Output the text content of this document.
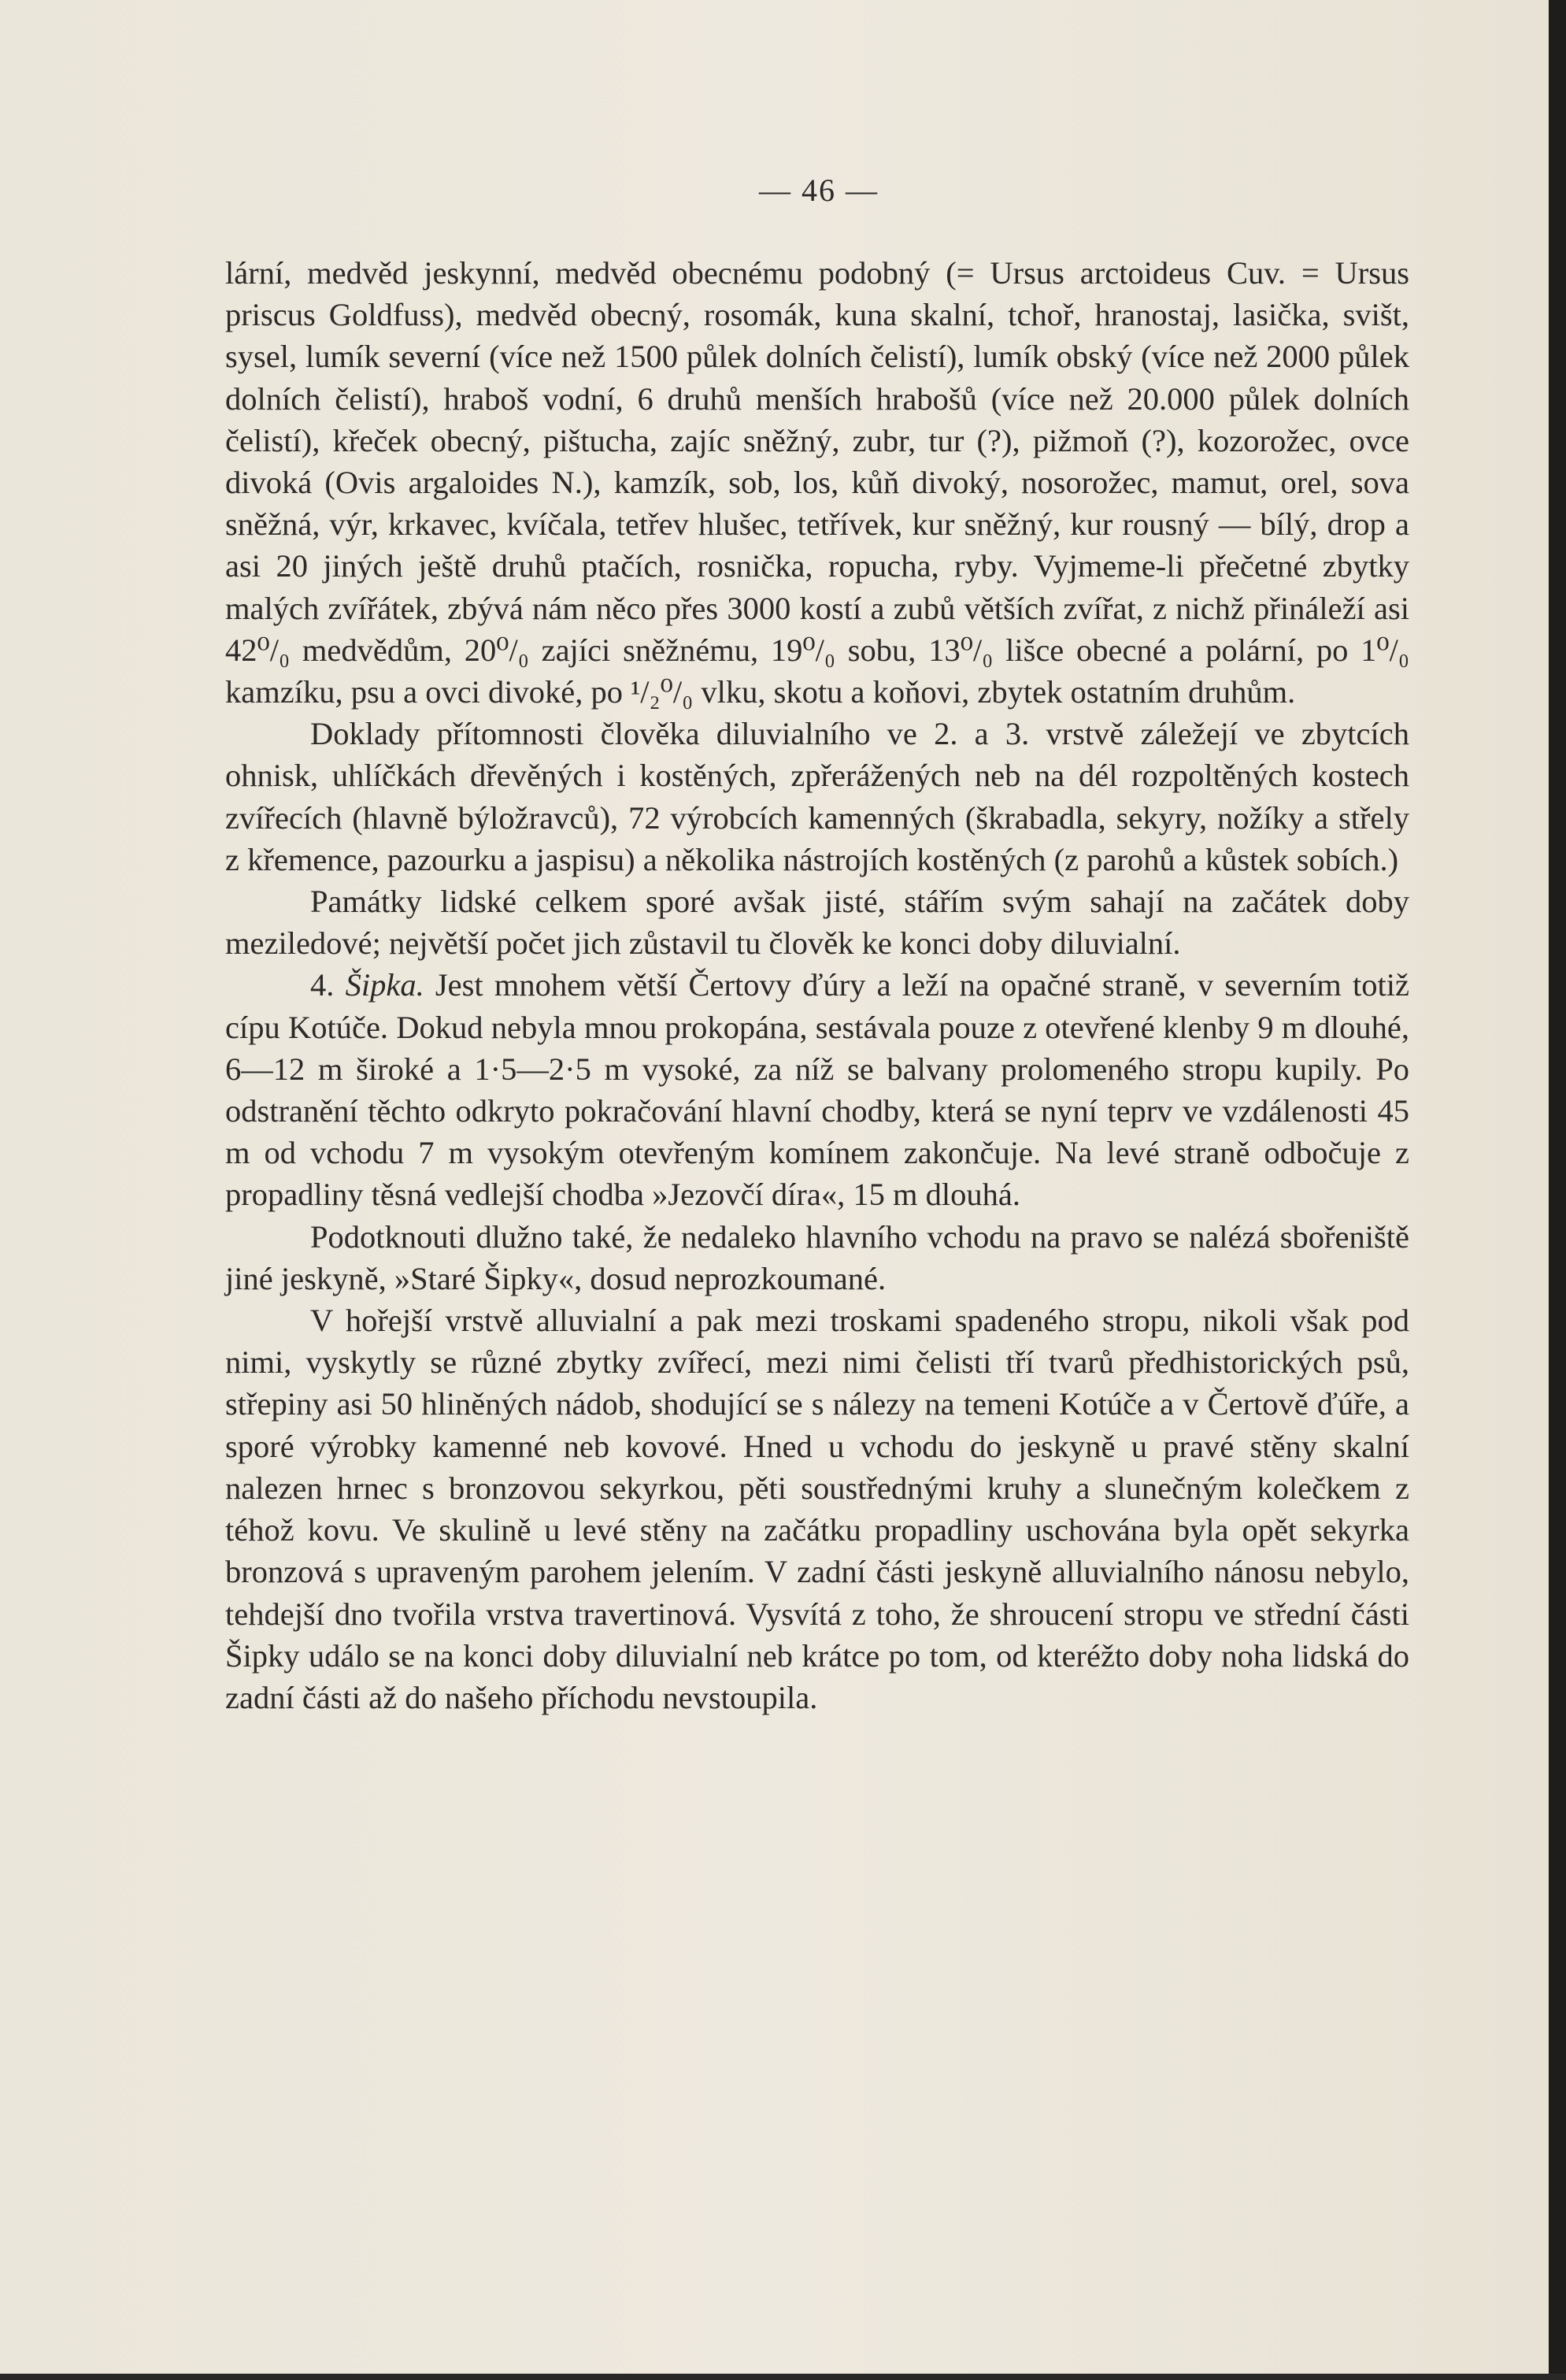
— 46 —

lární, medvěd jeskynní, medvěd obecnému podobný (= Ursus arctoideus Cuv. = Ursus priscus Goldfuss), medvěd obecný, rosomák, kuna skalní, tchoř, hranostaj, lasička, svišt, sysel, lumík severní (více než 1500 půlek dolních čelistí), lumík obský (více než 2000 půlek dolních čelistí), hraboš vodní, 6 druhů menších hrabošů (více než 20.000 půlek dolních čelistí), křeček obecný, pištucha, zajíc sněžný, zubr, tur (?), pižmoň (?), kozorožec, ovce divoká (Ovis argaloides N.), kamzík, sob, los, kůň divoký, nosorožec, mamut, orel, sova sněžná, výr, krkavec, kvíčala, tetřev hlušec, tetřívek, kur sněžný, kur rousný — bílý, drop a asi 20 jiných ještě druhů ptačích, rosnička, ropucha, ryby. Vyjmeme-li přečetné zbytky malých zvířátek, zbývá nám něco přes 3000 kostí a zubů větších zvířat, z nichž přináleží asi 42⁰/₀ medvědům, 20⁰/₀ zajíci sněžnému, 19⁰/₀ sobu, 13⁰/₀ lišce obecné a polární, po 1⁰/₀ kamzíku, psu a ovci divoké, po ¹/₂⁰/₀ vlku, skotu a koňovi, zbytek ostatním druhům.

Doklady přítomnosti člověka diluvialního ve 2. a 3. vrstvě záležejí ve zbytcích ohnisk, uhlíčkách dřevěných i kostěných, zpřerážených neb na dél rozpoltěných kostech zvířecích (hlavně býložravců), 72 výrobcích kamenných (škrabadla, sekyry, nožíky a střely z křemence, pazourku a jaspisu) a několika nástrojích kostěných (z parohů a kůstek sobích.)

Památky lidské celkem sporé avšak jisté, stářím svým sahají na začátek doby meziledové; největší počet jich zůstavil tu člověk ke konci doby diluvialní.

4. Šipka. Jest mnohem větší Čertovy ďúry a leží na opačné straně, v severním totiž cípu Kotúče. Dokud nebyla mnou prokopána, sestávala pouze z otevřené klenby 9 m dlouhé, 6—12 m široké a 1·5—2·5 m vysoké, za níž se balvany prolomeného stropu kupily. Po odstranění těchto odkryto pokračování hlavní chodby, která se nyní teprv ve vzdálenosti 45 m od vchodu 7 m vysokým otevřeným komínem zakončuje. Na levé straně odbočuje z propadliny těsná vedlejší chodba »Jezovčí díra«, 15 m dlouhá.

Podotknouti dlužno také, že nedaleko hlavního vchodu na pravo se nalézá sbořeniště jiné jeskyně, »Staré Šipky«, dosud neprozkoumané.

V hořejší vrstvě alluvialní a pak mezi troskami spadeného stropu, nikoli však pod nimi, vyskytly se různé zbytky zvířecí, mezi nimi čelisti tří tvarů předhistorických psů, střepiny asi 50 hliněných nádob, shodující se s nálezy na temeni Kotúče a v Čertově ďúře, a sporé výrobky kamenné neb kovové. Hned u vchodu do jeskyně u pravé stěny skalní nalezen hrnec s bronzovou sekyrkou, pěti soustřednými kruhy a slunečným kolečkem z téhož kovu. Ve skulině u levé stěny na začátku propadliny uschována byla opět sekyrka bronzová s upraveným parohem jelením. V zadní části jeskyně alluvialního nánosu nebylo, tehdejší dno tvořila vrstva travertinová. Vysvítá z toho, že shroucení stropu ve střední části Šipky událo se na konci doby diluvialní neb krátce po tom, od kteréžto doby noha lidská do zadní části až do našeho příchodu nevstoupila.
